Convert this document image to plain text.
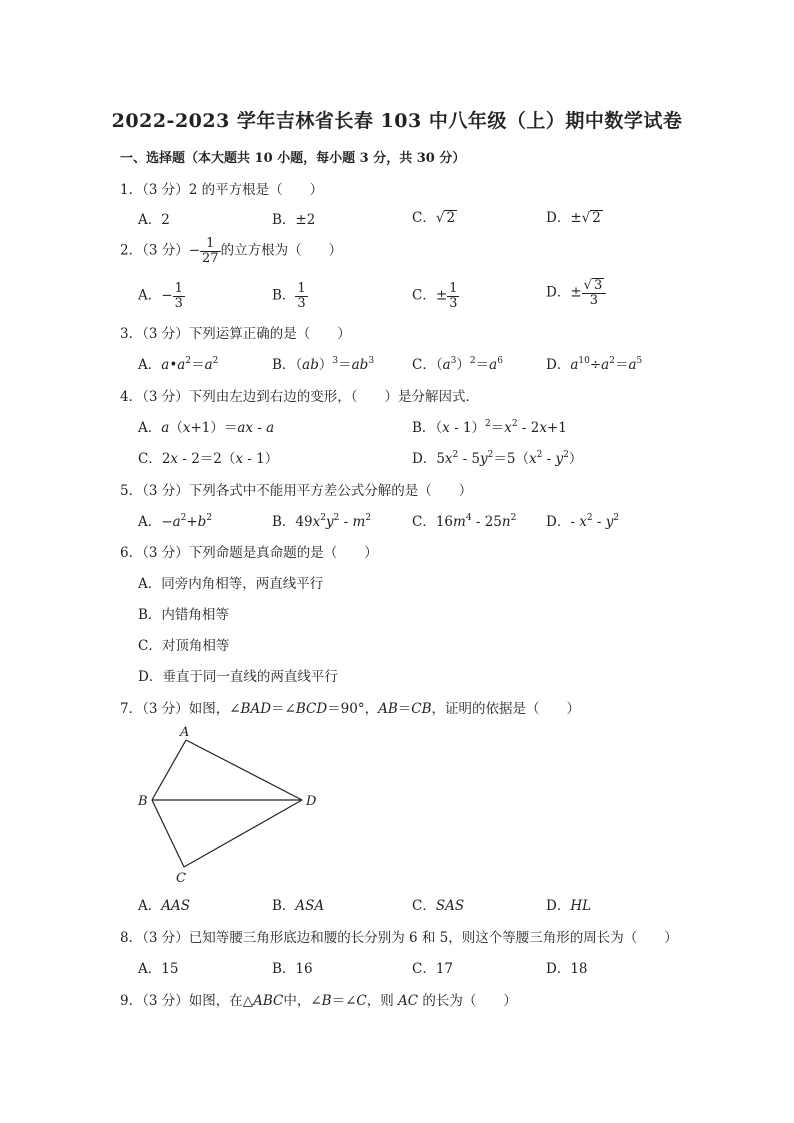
2022-2023 学年吉林省长春 103 中八年级（上）期中数学试卷
一、选择题（本大题共 10 小题，每小题 3 分，共 30 分）
1．（3 分）2 的平方根是（　　）
A．2	B．±2	C．√ 2	D．±√ 2
2．（3 分）− $\frac{1}{27}$ 的立方根为（　　）
A．− $\frac{1}{3}$	B． $\frac{1}{3}$	C．± $\frac{1}{3}$	D．± $\frac{√ 3}{3}$
3．（3 分）下列运算正确的是（　　）
A．$a•a^2=a^2$	B．$(ab)^3=ab^3$	C．$(a^3)^2=a^6$	D．$a^{10}\div a^2=a^5$
4．（3 分）下列由左边到右边的变形，（　　）是分解因式．
A．a（x+1）＝ax - a	B．$(x - 1)^2=x^2 - 2x+1$
C．2x - 2＝2（x - 1）	D．$5x^2 - 5y^2=5(x^2 - y^2)$
5．（3 分）下列各式中不能用平方差公式分解的是（　　）
A．$-a^2+b^2$	B．$49x^2y^2 - m^2$	C．$16m^4 - 25n^2$ D．- $x^2 - y^2$
6．（3 分）下列命题是真命题的是（　　）
A．同旁内角相等，两直线平行
B．内错角相等
C．对顶角相等
D．垂直于同一直线的两直线平行
7．（3 分）如图，∠BAD＝∠BCD＝90°，AB＝CB，证明的依据是（　　）
A
B
C
D
A．AAS	B．ASA	C．SAS	D．HL
8．（3 分）已知等腰三角形底边和腰的长分别为 6 和 5，则这个等腰三角形的周长为（　　）
A．15	B．16	C．17	D．18
9．（3 分）如图，在△ABC中，∠B＝∠C，则 AC 的长为（　　）
